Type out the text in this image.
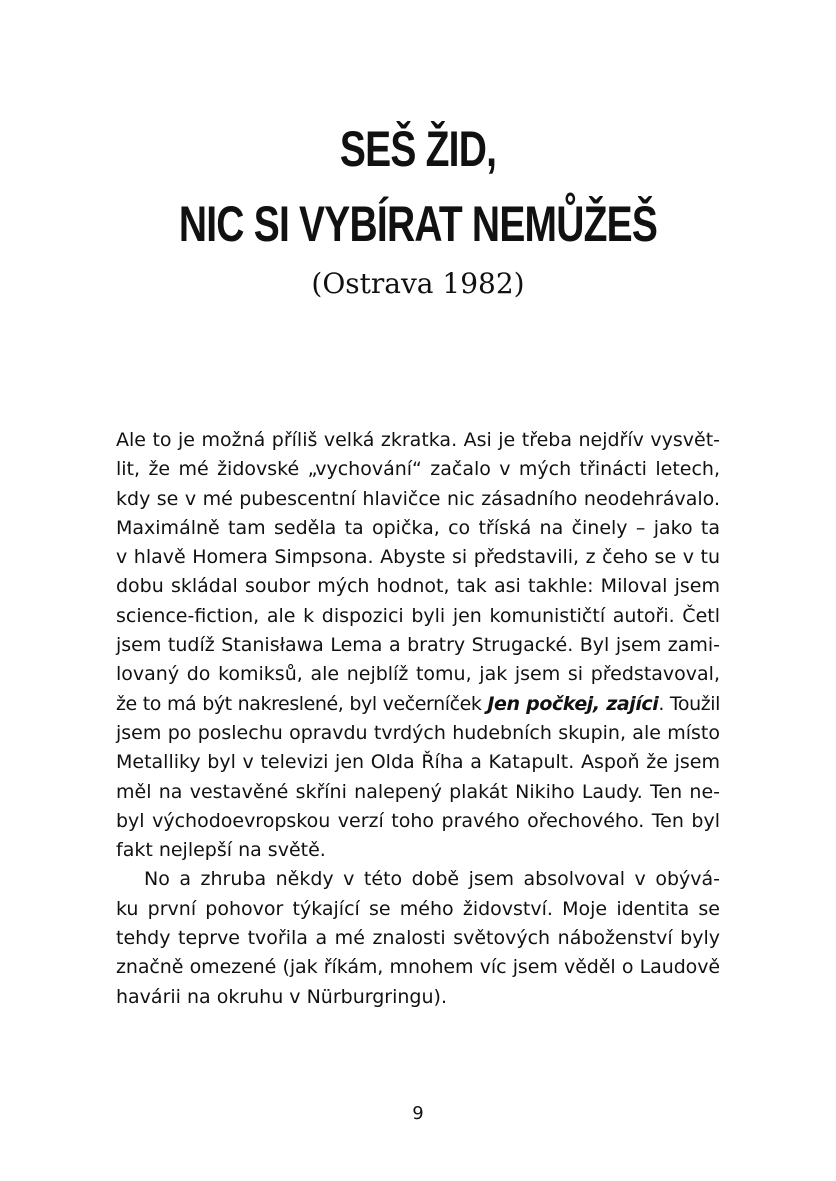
SEŠ ŽID,
NIC SI VYBÍRAT NEMŮŽEŠ
(Ostrava 1982)
Ale to je možná příliš velká zkratka. Asi je třeba nejdřív vysvět-
lit, že mé židovské „vychování“ začalo v mých třinácti letech,
kdy se v mé pubescentní hlavičce nic zásadního neodehrávalo.
Maximálně tam seděla ta opička, co tříská na činely – jako ta
v hlavě Homera Simpsona. Abyste si představili, z čeho se v tu
dobu skládal soubor mých hodnot, tak asi takhle: Miloval jsem
science-fiction, ale k dispozici byli jen komunističtí autoři. Četl
jsem tudíž Stanisława Lema a bratry Strugacké. Byl jsem zami-
lovaný do komiksů, ale nejblíž tomu, jak jsem si představoval,
že to má být nakreslené, byl večerníček Jen počkej, zajíci. Toužil
jsem po poslechu opravdu tvrdých hudebních skupin, ale místo
Metalliky byl v televizi jen Olda Říha a Katapult. Aspoň že jsem
měl na vestavěné skříni nalepený plakát Nikiho Laudy. Ten ne-
byl východoevropskou verzí toho pravého ořechového. Ten byl
fakt nejlepší na světě.
No a zhruba někdy v této době jsem absolvoval v obývá-
ku první pohovor týkající se mého židovství. Moje identita se
tehdy teprve tvořila a mé znalosti světových náboženství byly
značně omezené (jak říkám, mnohem víc jsem věděl o Laudově
havárii na okruhu v Nürburgringu).
9
